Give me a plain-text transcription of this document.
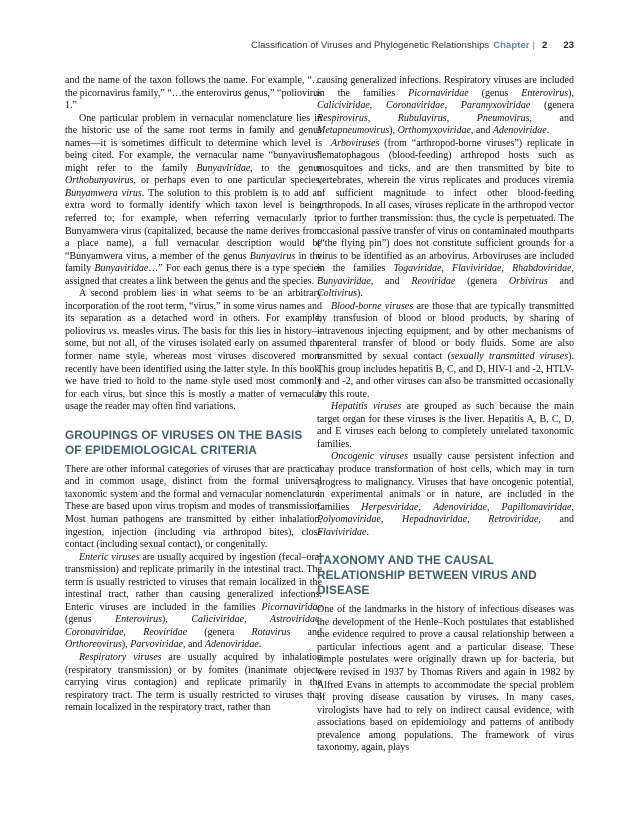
Classification of Viruses and Phylogenetic Relationships Chapter | 2 23

and the name of the taxon follows the name. For example, “…the picornavirus family,” “…the enterovirus genus,” “poliovirus 1.”

One particular problem in vernacular nomenclature lies in the historic use of the same root terms in family and genus names—it is sometimes difficult to determine which level is being cited. For example, the vernacular name “bunyavirus” might refer to the family Bunyaviridae, to the genus Orthobunyavirus, or perhaps even to one particular species, Bunyamwera virus. The solution to this problem is to add an extra word to formally identify which taxon level is being referred to; for example, when referring vernacularly to Bunyamwera virus (capitalized, because the name derives from a place name), a full vernacular description would be “Bunyamwera virus, a member of the genus Bunyavirus in the family Bunyaviridae…” For each genus there is a type species assigned that creates a link between the genus and the species.

A second problem lies in what seems to be an arbitrary incorporation of the root term, “virus,” in some virus names and its separation as a detached word in others. For example, poliovirus vs. measles virus. The basis for this lies in history—some, but not all, of the viruses isolated early on assumed the former name style, whereas most viruses discovered more recently have been identified using the latter style. In this book, we have tried to hold to the name style used most commonly for each virus, but since this is mostly a matter of vernacular usage the reader may often find variations.

GROUPINGS OF VIRUSES ON THE BASIS OF EPIDEMIOLOGICAL CRITERIA

There are other informal categories of viruses that are practical and in common usage, distinct from the formal universal taxonomic system and the formal and vernacular nomenclature. These are based upon virus tropism and modes of transmission. Most human pathogens are transmitted by either inhalation, ingestion, injection (including via arthropod bites), close contact (including sexual contact), or congenitally.

Enteric viruses are usually acquired by ingestion (fecal–oral transmission) and replicate primarily in the intestinal tract. The term is usually restricted to viruses that remain localized in the intestinal tract, rather than causing generalized infections. Enteric viruses are included in the families Picornaviridae (genus Enterovirus), Caliciviridae, Astroviridae, Coronaviridae, Reoviridae (genera Rotavirus and Orthoreovirus), Parvoviridae, and Adenoviridae.

Respiratory viruses are usually acquired by inhalation (respiratory transmission) or by fomites (inanimate objects carrying virus contagion) and replicate primarily in the respiratory tract. The term is usually restricted to viruses that remain localized in the respiratory tract, rather than

causing generalized infections. Respiratory viruses are included in the families Picornaviridae (genus Enterovirus), Caliciviridae, Coronaviridae, Paramyxoviridae (genera Respirovirus, Rubulavirus, Pneumovirus, and Metapneumovirus), Orthomyxoviridae, and Adenoviridae.

Arboviruses (from “arthropod-borne viruses”) replicate in hematophagous (blood-feeding) arthropod hosts such as mosquitoes and ticks, and are then transmitted by bite to vertebrates, wherein the virus replicates and produces viremia of sufficient magnitude to infect other blood-feeding arthropods. In all cases, viruses replicate in the arthropod vector prior to further transmission: thus, the cycle is perpetuated. The occasional passive transfer of virus on contaminated mouthparts (“the flying pin”) does not constitute sufficient grounds for a virus to be identified as an arbovirus. Arboviruses are included in the families Togaviridae, Flaviviridae, Rhabdoviridae, Bunyaviridae, and Reoviridae (genera Orbivirus and Coltivirus).

Blood-borne viruses are those that are typically transmitted by transfusion of blood or blood products, by sharing of intravenous injecting equipment, and by other mechanisms of parenteral transfer of blood or body fluids. Some are also transmitted by sexual contact (sexually transmitted viruses). This group includes hepatitis B, C, and D, HIV-1 and -2, HTLV-1 and -2, and other viruses can also be transmitted occasionally by this route.

Hepatitis viruses are grouped as such because the main target organ for these viruses is the liver. Hepatitis A, B, C, D, and E viruses each belong to completely unrelated taxonomic families.

Oncogenic viruses usually cause persistent infection and may produce transformation of host cells, which may in turn progress to malignancy. Viruses that have oncogenic potential, in experimental animals or in nature, are included in the families Herpesviridae, Adenoviridae, Papillomaviridae, Polyomaviridae, Hepadnaviridae, Retroviridae, and Flaviviridae.

TAXONOMY AND THE CAUSAL RELATIONSHIP BETWEEN VIRUS AND DISEASE

One of the landmarks in the history of infectious diseases was the development of the Henle–Koch postulates that established the evidence required to prove a causal relationship between a particular infectious agent and a particular disease. These simple postulates were originally drawn up for bacteria, but were revised in 1937 by Thomas Rivers and again in 1982 by Alfred Evans in attempts to accommodate the special problem of proving disease causation by viruses. In many cases, virologists have had to rely on indirect causal evidence, with associations based on epidemiology and patterns of antibody prevalence among populations. The framework of virus taxonomy, again, plays
